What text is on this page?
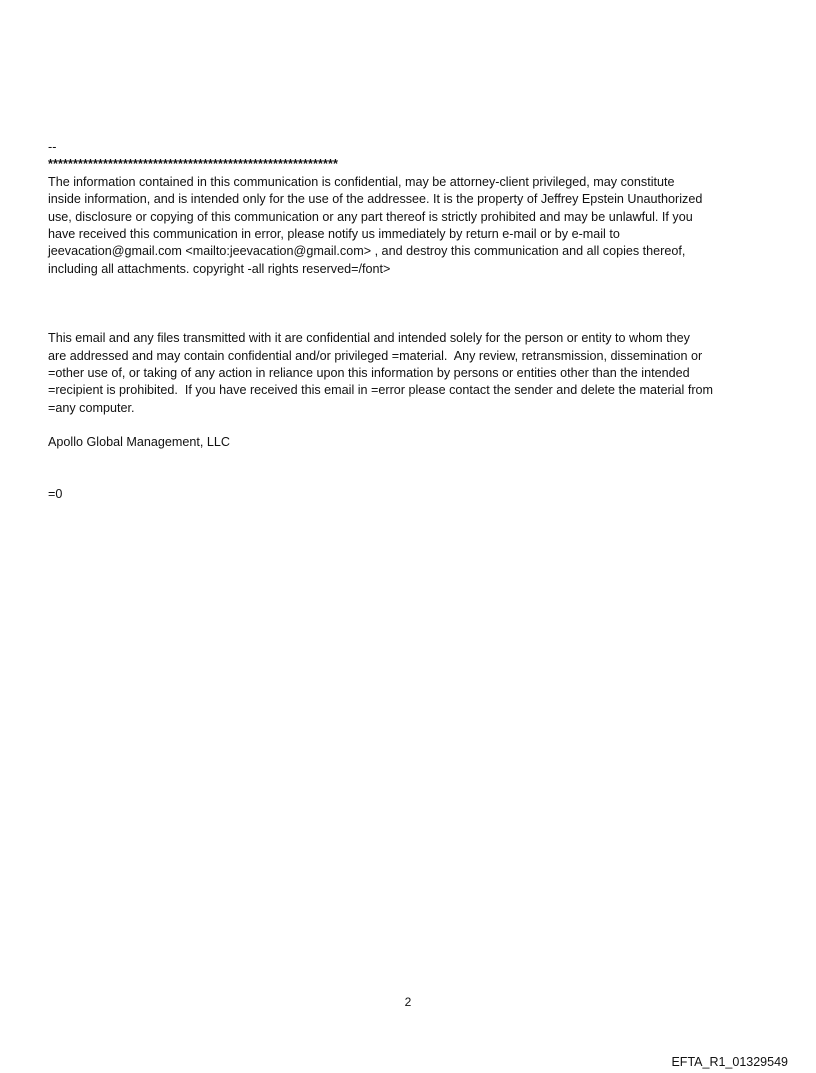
--
**********************************************************
The information contained in this communication is confidential, may be attorney-client privileged, may constitute
inside information, and is intended only for the use of the addressee. It is the property of Jeffrey Epstein Unauthorized
use, disclosure or copying of this communication or any part thereof is strictly prohibited and may be unlawful. If you
have received this communication in error, please notify us immediately by return e-mail or by e-mail to
jeevacation@gmail.com <mailto:jeevacation@gmail.com> , and destroy this communication and all copies thereof,
including all attachments. copyright -all rights reserved=/font>
This email and any files transmitted with it are confidential and intended solely for the person or entity to whom they
are addressed and may contain confidential and/or privileged =material.  Any review, retransmission, dissemination or
=other use of, or taking of any action in reliance upon this information by persons or entities other than the intended
=recipient is prohibited.  If you have received this email in =error please contact the sender and delete the material from
=any computer.
Apollo Global Management, LLC
=0
2
EFTA_R1_01329549
